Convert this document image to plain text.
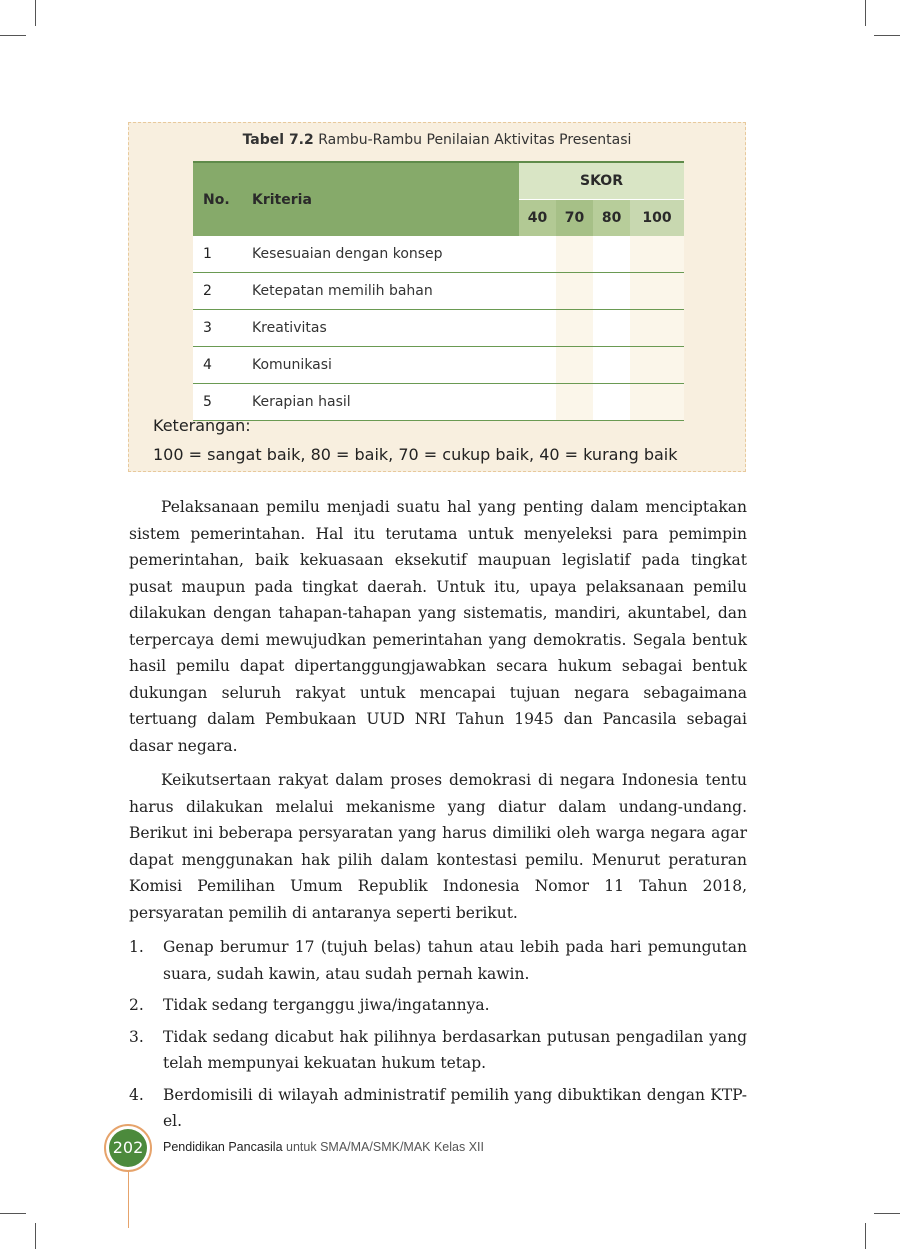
Tabel 7.2 Rambu-Rambu Penilaian Aktivitas Presentasi
No.	Kriteria	SKOR			
		40	70	80	100
1	Kesesuaian dengan konsep				
2	Ketepatan memilih bahan				
3	Kreativitas				
4	Komunikasi				
5	Kerapian hasil				
Keterangan:
100 = sangat baik, 80 = baik, 70 = cukup baik, 40 = kurang baik

Pelaksanaan pemilu menjadi suatu hal yang penting dalam menciptakan sistem pemerintahan. Hal itu terutama untuk menyeleksi para pemimpin pemerintahan, baik kekuasaan eksekutif maupuan legislatif pada tingkat pusat maupun pada tingkat daerah. Untuk itu, upaya pelaksanaan pemilu dilakukan dengan tahapan-tahapan yang sistematis, mandiri, akuntabel, dan terpercaya demi mewujudkan pemerintahan yang demokratis. Segala bentuk hasil pemilu dapat dipertanggungjawabkan secara hukum sebagai bentuk dukungan seluruh rakyat untuk mencapai tujuan negara sebagaimana tertuang dalam Pembukaan UUD NRI Tahun 1945 dan Pancasila sebagai dasar negara.

Keikutsertaan rakyat dalam proses demokrasi di negara Indonesia tentu harus dilakukan melalui mekanisme yang diatur dalam undang-undang. Berikut ini beberapa persyaratan yang harus dimiliki oleh warga negara agar dapat menggunakan hak pilih dalam kontestasi pemilu. Menurut peraturan Komisi Pemilihan Umum Republik Indonesia Nomor 11 Tahun 2018, persyaratan pemilih di antaranya seperti berikut.

1. Genap berumur 17 (tujuh belas) tahun atau lebih pada hari pemungutan suara, sudah kawin, atau sudah pernah kawin.
2. Tidak sedang terganggu jiwa/ingatannya.
3. Tidak sedang dicabut hak pilihnya berdasarkan putusan pengadilan yang telah mempunyai kekuatan hukum tetap.
4. Berdomisili di wilayah administratif pemilih yang dibuktikan dengan KTP-el.
202 Pendidikan Pancasila untuk SMA/MA/SMK/MAK Kelas XII
